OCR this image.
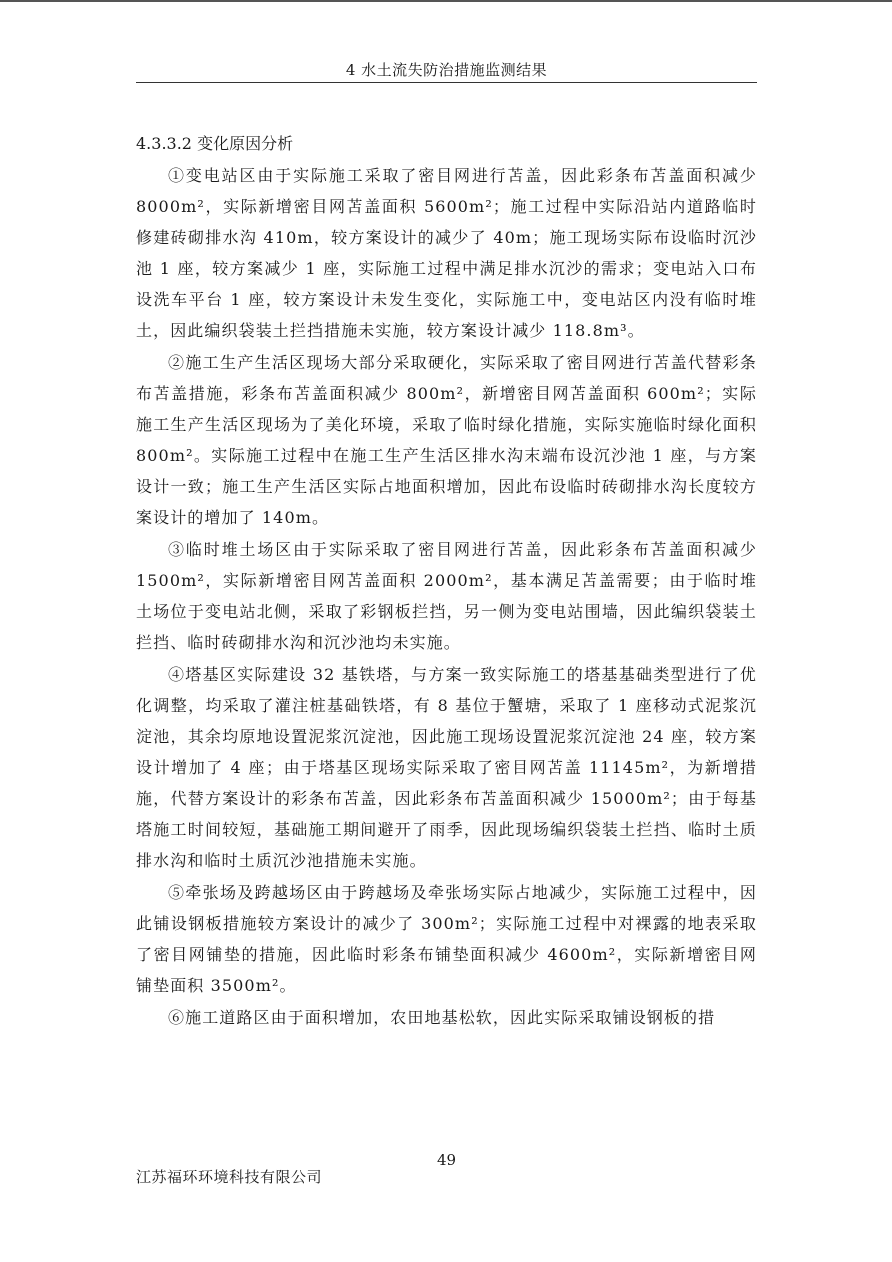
4 水土流失防治措施监测结果
4.3.3.2 变化原因分析

①变电站区由于实际施工采取了密目网进行苫盖，因此彩条布苫盖面积减少 8000m²，实际新增密目网苫盖面积 5600m²；施工过程中实际沿站内道路临时修建砖砌排水沟 410m，较方案设计的减少了 40m；施工现场实际布设临时沉沙池 1 座，较方案减少 1 座，实际施工过程中满足排水沉沙的需求；变电站入口布设洗车平台 1 座，较方案设计未发生变化，实际施工中，变电站区内没有临时堆土，因此编织袋装土拦挡措施未实施，较方案设计减少 118.8m³。

②施工生产生活区现场大部分采取硬化，实际采取了密目网进行苫盖代替彩条布苫盖措施，彩条布苫盖面积减少 800m²，新增密目网苫盖面积 600m²；实际施工生产生活区现场为了美化环境，采取了临时绿化措施，实际实施临时绿化面积 800m²。实际施工过程中在施工生产生活区排水沟末端布设沉沙池 1 座，与方案设计一致；施工生产生活区实际占地面积增加，因此布设临时砖砌排水沟长度较方案设计的增加了 140m。

③临时堆土场区由于实际采取了密目网进行苫盖，因此彩条布苫盖面积减少 1500m²，实际新增密目网苫盖面积 2000m²，基本满足苫盖需要；由于临时堆土场位于变电站北侧，采取了彩钢板拦挡，另一侧为变电站围墙，因此编织袋装土拦挡、临时砖砌排水沟和沉沙池均未实施。

④塔基区实际建设 32 基铁塔，与方案一致实际施工的塔基基础类型进行了优化调整，均采取了灌注桩基础铁塔，有 8 基位于蟹塘，采取了 1 座移动式泥浆沉淀池，其余均原地设置泥浆沉淀池，因此施工现场设置泥浆沉淀池 24 座，较方案设计增加了 4 座；由于塔基区现场实际采取了密目网苫盖 11145m²，为新增措施，代替方案设计的彩条布苫盖，因此彩条布苫盖面积减少 15000m²；由于每基塔施工时间较短，基础施工期间避开了雨季，因此现场编织袋装土拦挡、临时土质排水沟和临时土质沉沙池措施未实施。

⑤牵张场及跨越场区由于跨越场及牵张场实际占地减少，实际施工过程中，因此铺设钢板措施较方案设计的减少了 300m²；实际施工过程中对裸露的地表采取了密目网铺垫的措施，因此临时彩条布铺垫面积减少 4600m²，实际新增密目网铺垫面积 3500m²。

⑥施工道路区由于面积增加，农田地基松软，因此实际采取铺设钢板的措

49
江苏福环环境科技有限公司
